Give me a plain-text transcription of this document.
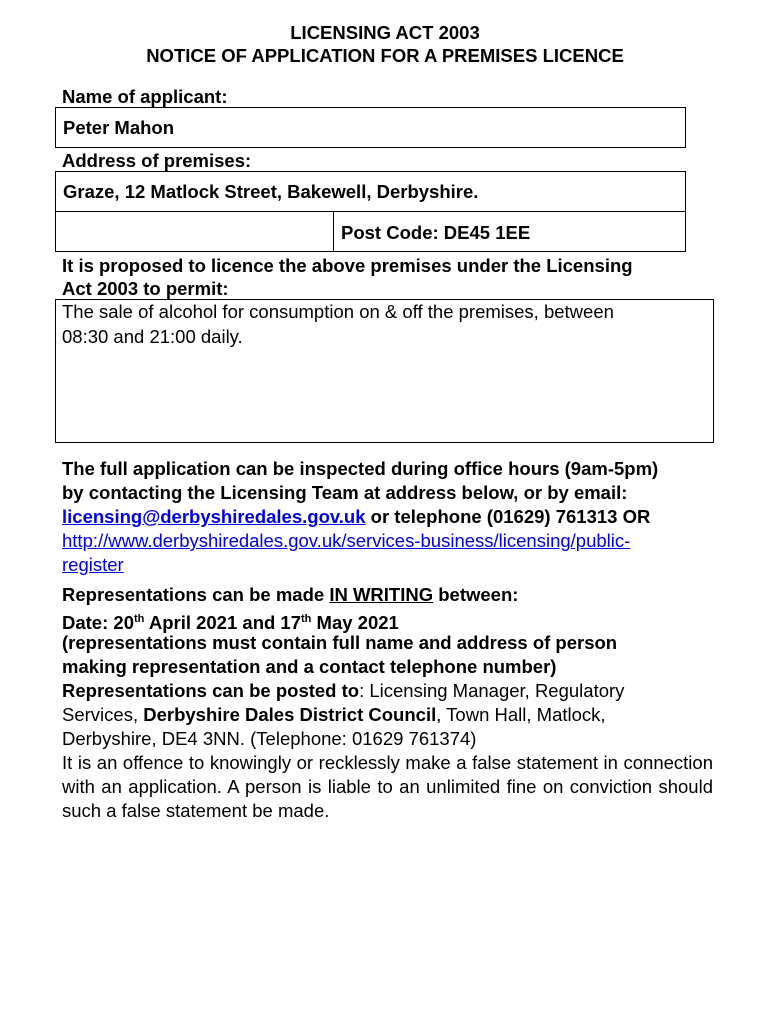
LICENSING ACT 2003
NOTICE OF APPLICATION FOR A PREMISES LICENCE
Name of applicant:
Peter Mahon
Address of premises:
Graze, 12 Matlock Street, Bakewell, Derbyshire.
Post Code: DE45 1EE
It is proposed to licence the above premises under the Licensing
Act 2003 to permit:
The sale of alcohol for consumption on & off the premises, between
08:30 and 21:00 daily.
The full application can be inspected during office hours (9am-5pm)
by contacting the Licensing Team at address below, or by email:
licensing@derbyshiredales.gov.uk or telephone (01629) 761313 OR
http://www.derbyshiredales.gov.uk/services-business/licensing/public-
register
Representations can be made IN WRITING between:
Date: 20th April 2021 and 17th May 2021
(representations must contain full name and address of person
making representation and a contact telephone number)
Representations can be posted to: Licensing Manager, Regulatory
Services, Derbyshire Dales District Council, Town Hall, Matlock,
Derbyshire, DE4 3NN. (Telephone: 01629 761374)
It is an offence to knowingly or recklessly make a false statement in connection with an application. A person is liable to an unlimited fine on conviction should such a false statement be made.
